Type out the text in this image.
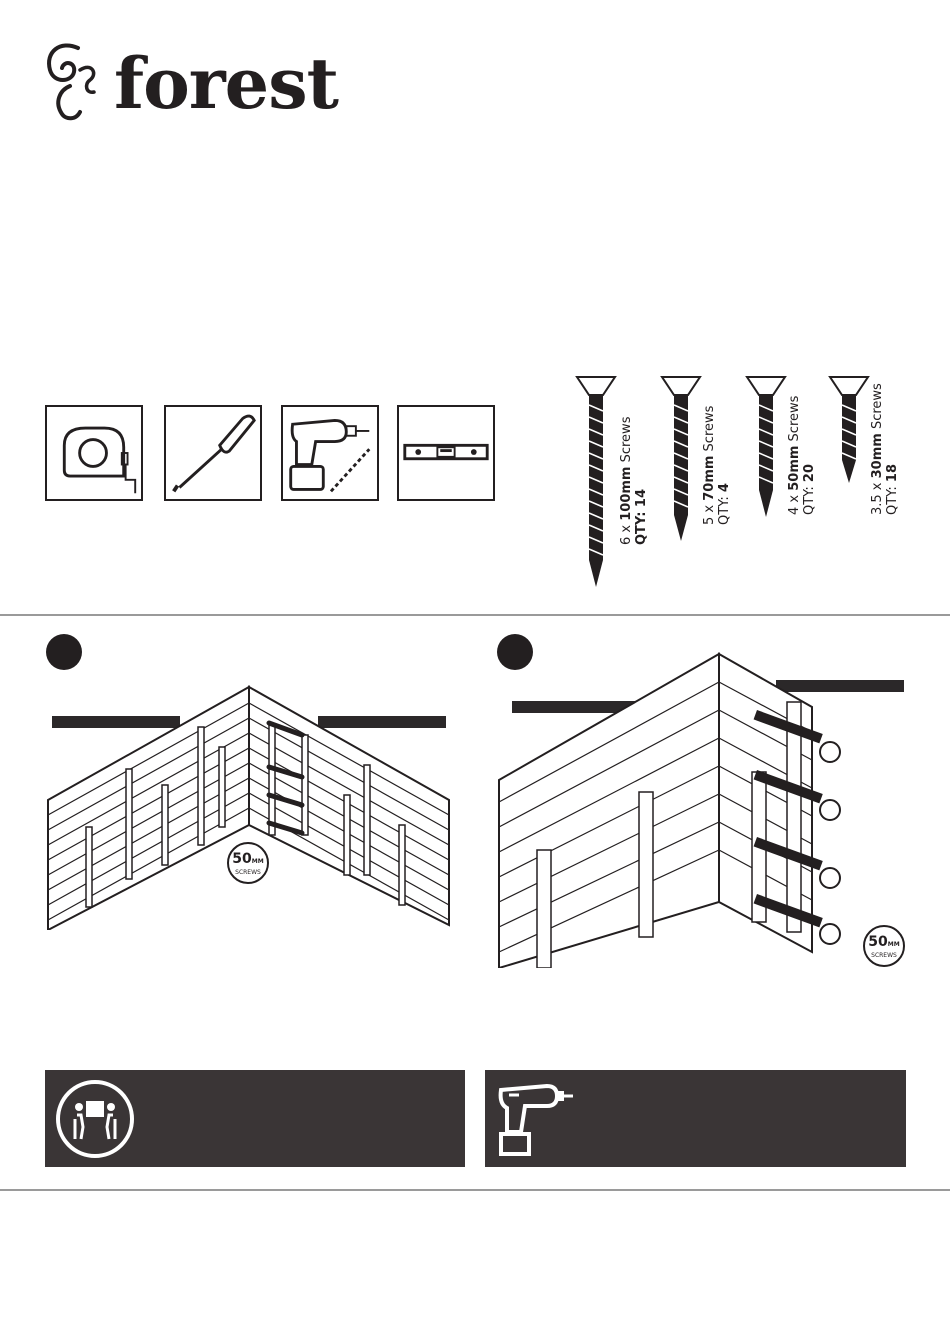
forest
6 x 100mm Screws
QTY: 14
5 x 70mm Screws
QTY: 4
4 x 50mm Screws
QTY: 20
3.5 x 30mm Screws
QTY: 18
50MM
SCREWS
50MM
SCREWS
